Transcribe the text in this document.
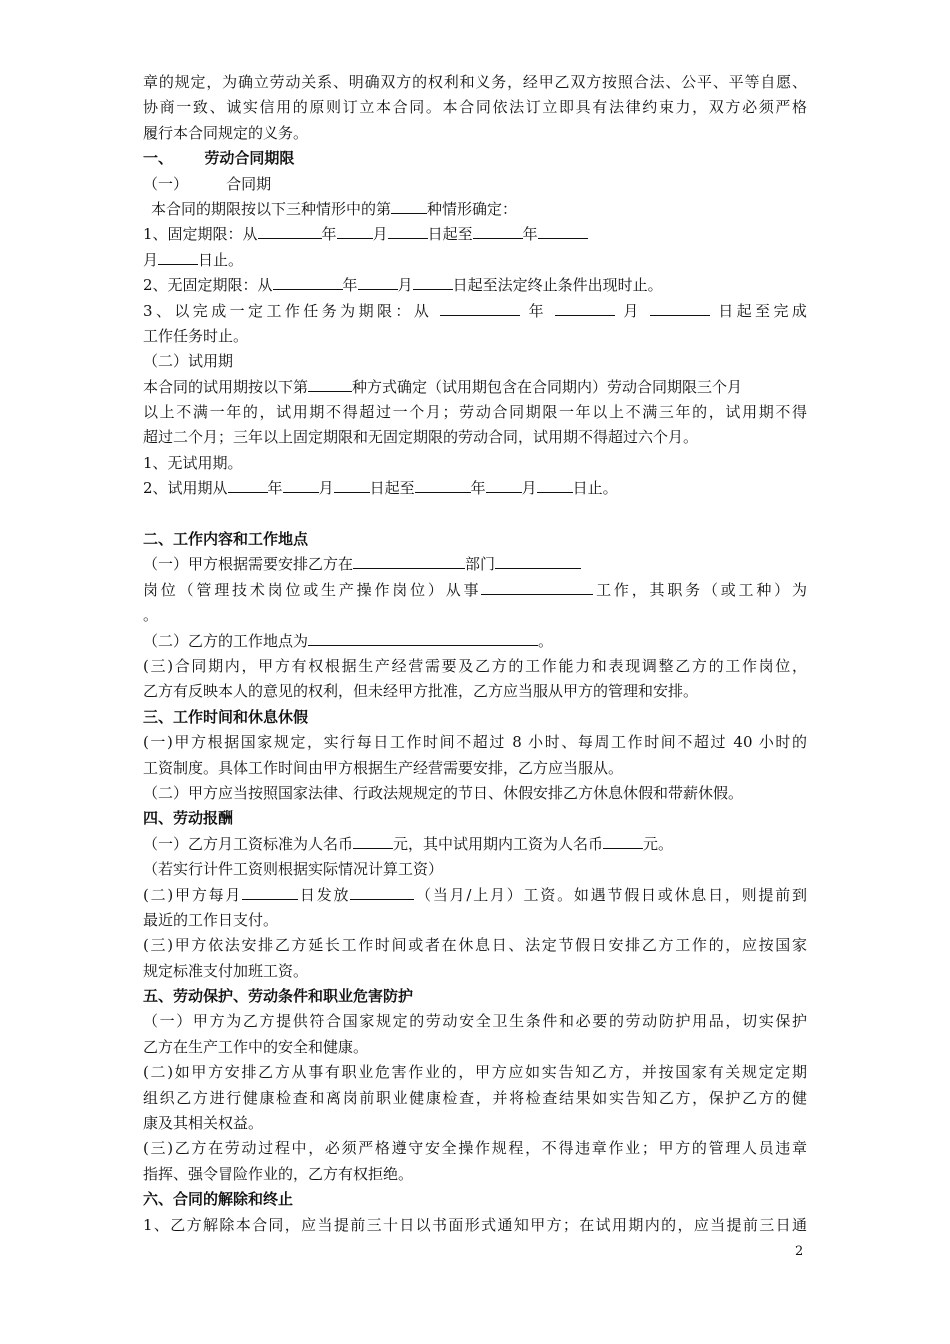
章的规定，为确立劳动关系、明确双方的权利和义务，经甲乙双方按照合法、公平、平等自愿、
协商一致、诚实信用的原则订立本合同。本合同依法订立即具有法律约束力，双方必须严格
履行本合同规定的义务。
一、      劳动合同期限
（一）        合同期
本合同的期限按以下三种情形中的第 种情形确定：
1、固定期限：从	年 月	日起至	年
月	日止。
2、无固定期限：从	年	月	日起至法定终止条件出现时止。
3、以完成一定工作任务为期限：从	年	月	日起至完成
工作任务时止。
（二）试用期
本合同的试用期按以下第	种方式确定（试用期包含在合同期内）劳动合同期限三个月
以上不满一年的，试用期不得超过一个月；劳动合同期限一年以上不满三年的，试用期不得
超过二个月；三年以上固定期限和无固定期限的劳动合同，试用期不得超过六个月。
1、无试用期。
2、试用期从	年 月 日起至	年 月 日止。
二、工作内容和工作地点
（一）甲方根据需要安排乙方在	部门
岗位（管理技术岗位或生产操作岗位）从事	工作，其职务（或工种）为
。
（二）乙方的工作地点为	。
(三)合同期内，甲方有权根据生产经营需要及乙方的工作能力和表现调整乙方的工作岗位，
乙方有反映本人的意见的权利，但未经甲方批准，乙方应当服从甲方的管理和安排。
三、工作时间和休息休假
(一)甲方根据国家规定，实行每日工作时间不超过 8 小时、每周工作时间不超过 40 小时的
工资制度。具体工作时间由甲方根据生产经营需要安排，乙方应当服从。
（二）甲方应当按照国家法律、行政法规规定的节日、休假安排乙方休息休假和带薪休假。
四、劳动报酬
（一）乙方月工资标准为人名币	元，其中试用期内工资为人名币	元。
（若实行计件工资则根据实际情况计算工资）
(二)甲方每月	日发放	（当月/上月）工资。如遇节假日或休息日，则提前到
最近的工作日支付。
(三)甲方依法安排乙方延长工作时间或者在休息日、法定节假日安排乙方工作的，应按国家
规定标准支付加班工资。
五、劳动保护、劳动条件和职业危害防护
（一）甲方为乙方提供符合国家规定的劳动安全卫生条件和必要的劳动防护用品，切实保护
乙方在生产工作中的安全和健康。
(二)如甲方安排乙方从事有职业危害作业的，甲方应如实告知乙方，并按国家有关规定定期
组织乙方进行健康检查和离岗前职业健康检查，并将检查结果如实告知乙方，保护乙方的健
康及其相关权益。
(三)乙方在劳动过程中，必须严格遵守安全操作规程，不得违章作业；甲方的管理人员违章
指挥、强令冒险作业的，乙方有权拒绝。
六、合同的解除和终止
1、乙方解除本合同，应当提前三十日以书面形式通知甲方；在试用期内的，应当提前三日通
2
